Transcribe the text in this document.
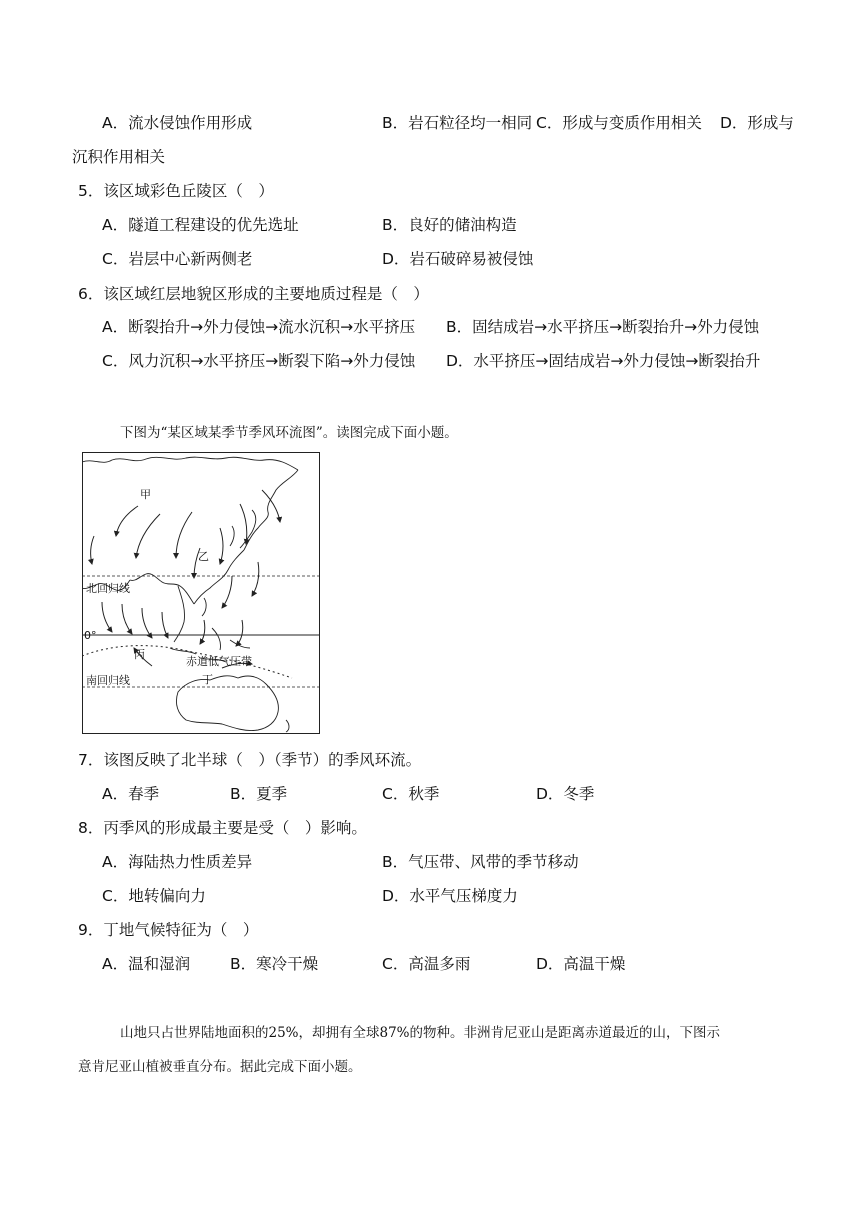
A．流水侵蚀作用形成	B．岩石粒径均一相同 C．形成与变质作用相关 D．形成与
沉积作用相关
5．该区域彩色丘陵区（　）
A．隧道工程建设的优先选址	B．良好的储油构造
C．岩层中心新两侧老	D．岩石破碎易被侵蚀
6．该区域红层地貌区形成的主要地质过程是（　）
A．断裂抬升→外力侵蚀→流水沉积→水平挤压 B．固结成岩→水平挤压→断裂抬升→外力侵蚀
C．风力沉积→水平挤压→断裂下陷→外力侵蚀 D．水平挤压→固结成岩→外力侵蚀→断裂抬升
下图为“某区域某季节季风环流图”。读图完成下面小题。
甲
乙
北回归线
0°
丙
赤道低气压带
丁
南回归线
7．该图反映了北半球（　）（季节）的季风环流。
A．春季	B．夏季	C．秋季	D．冬季
8．丙季风的形成最主要是受（　）影响。
A．海陆热力性质差异	B．气压带、风带的季节移动
C．地转偏向力	D．水平气压梯度力
9．丁地气候特征为（　）
A．温和湿润	B．寒冷干燥	C．高温多雨	D．高温干燥
山地只占世界陆地面积的25%，却拥有全球87%的物种。非洲肯尼亚山是距离赤道最近的山，下图示
意肯尼亚山植被垂直分布。据此完成下面小题。
